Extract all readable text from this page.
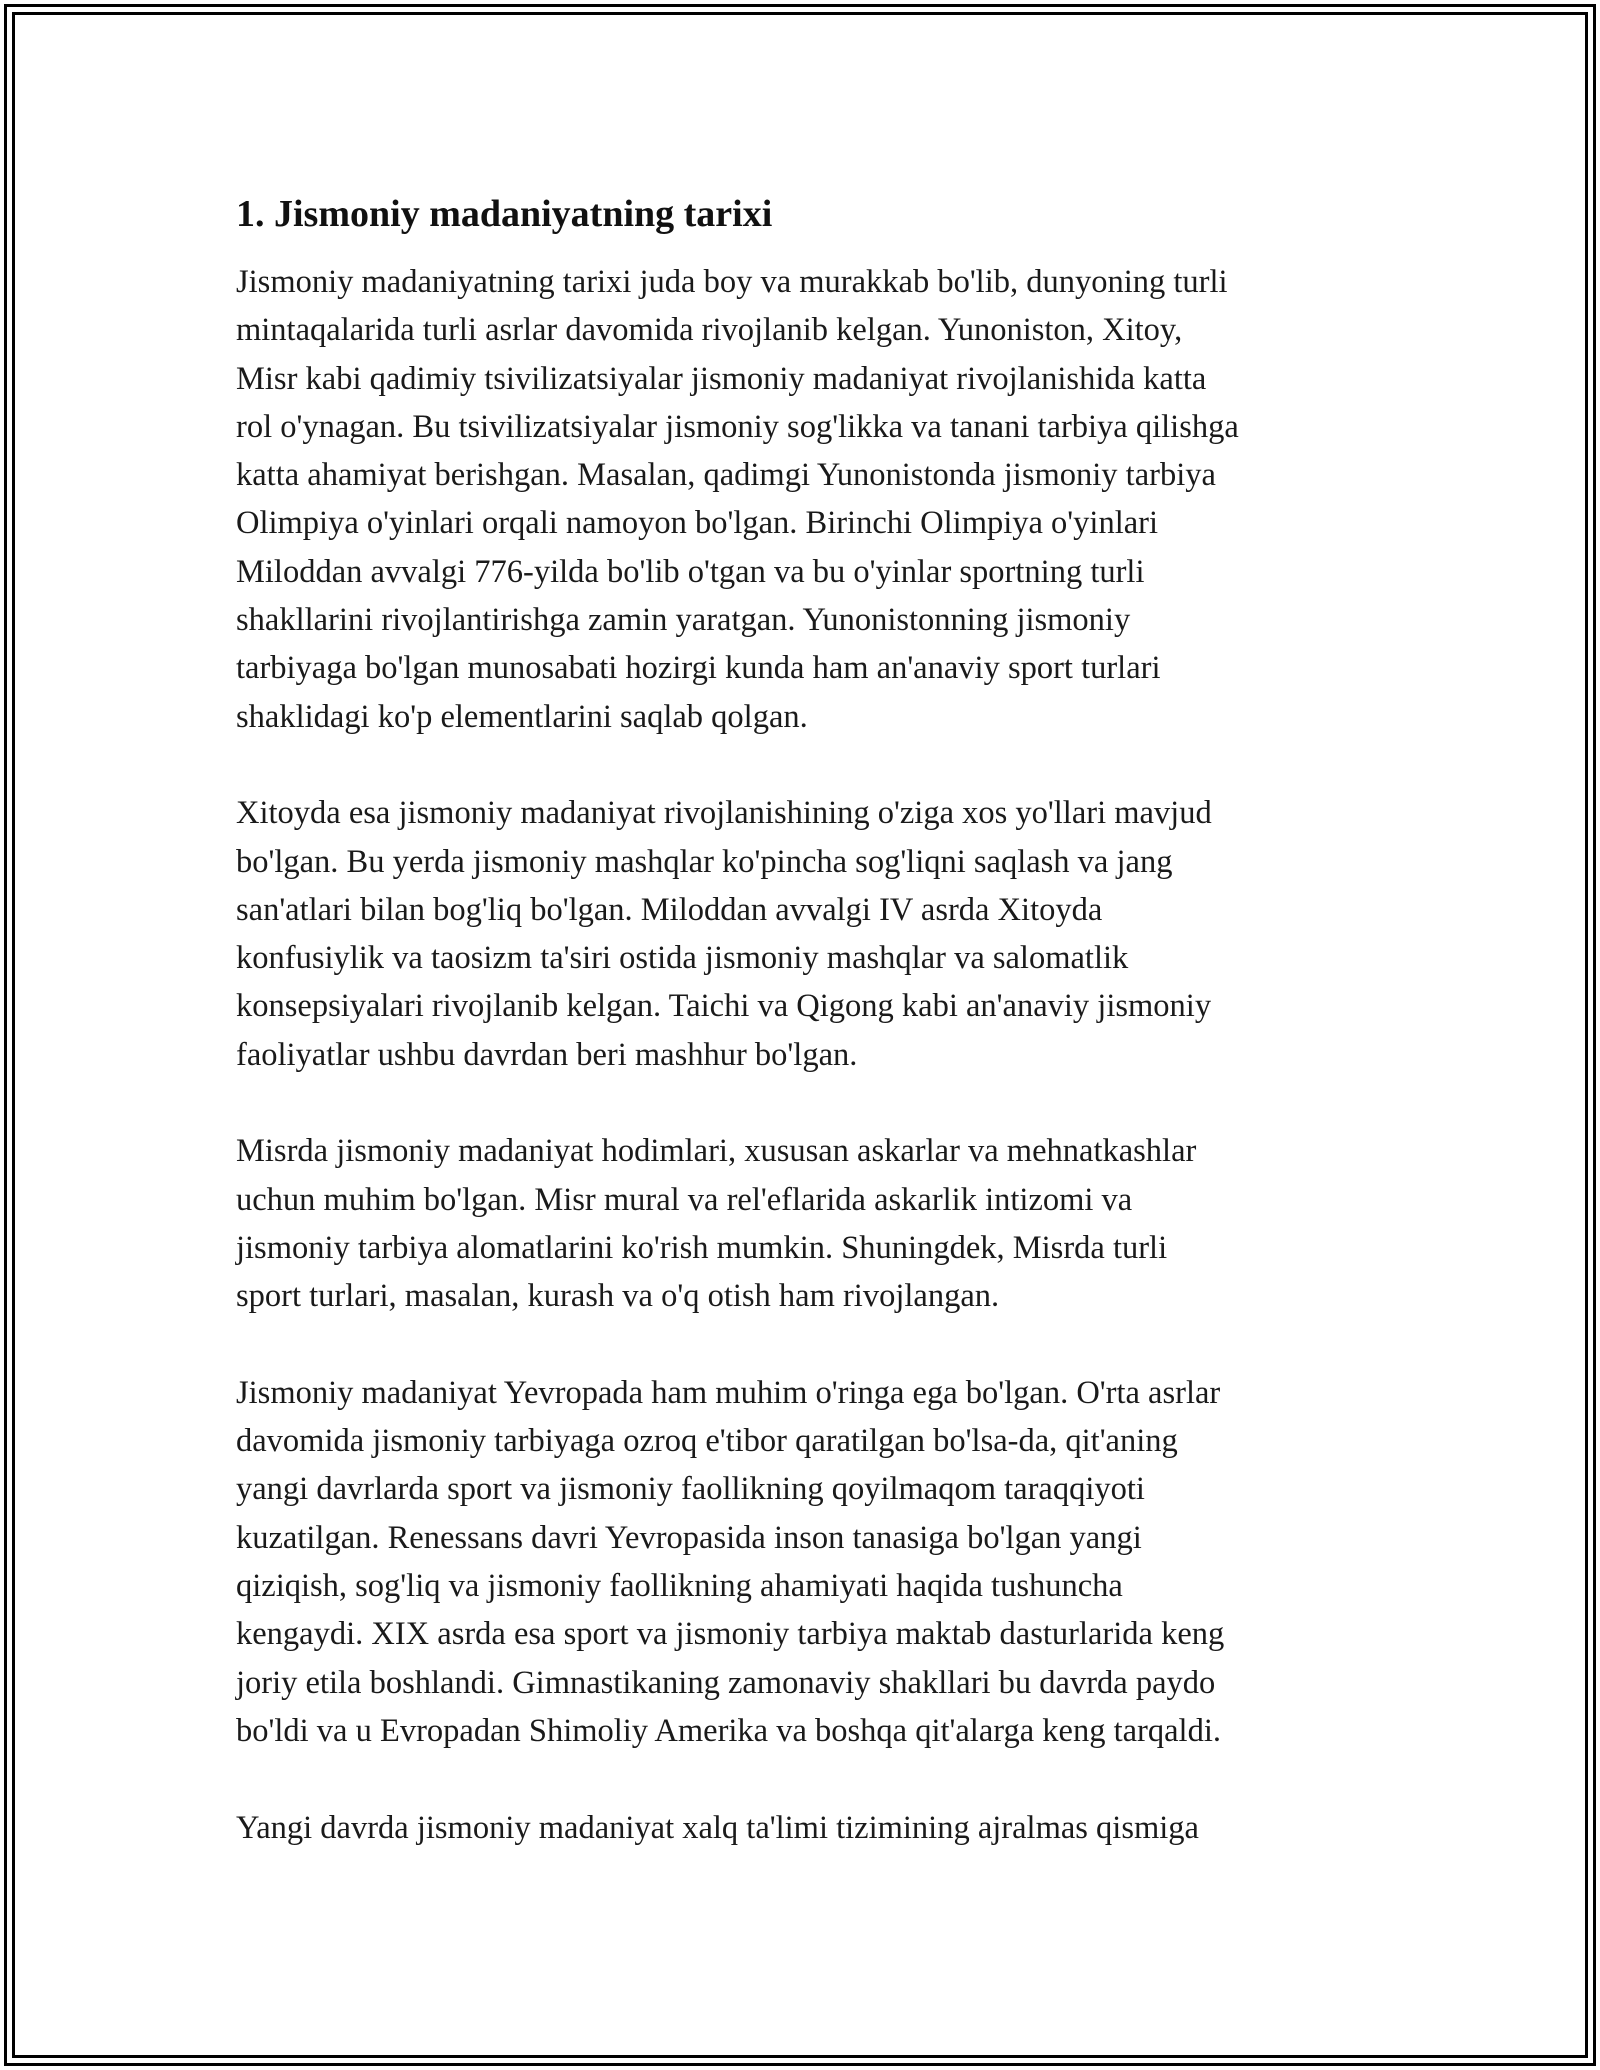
1. Jismoniy madaniyatning tarixi
Jismoniy madaniyatning tarixi juda boy va murakkab bo'lib, dunyoning turli
mintaqalarida turli asrlar davomida rivojlanib kelgan. Yunoniston, Xitoy,
Misr kabi qadimiy tsivilizatsiyalar jismoniy madaniyat rivojlanishida katta
rol o'ynagan. Bu tsivilizatsiyalar jismoniy sog'likka va tanani tarbiya qilishga
katta ahamiyat berishgan. Masalan, qadimgi Yunonistonda jismoniy tarbiya
Olimpiya o'yinlari orqali namoyon bo'lgan. Birinchi Olimpiya o'yinlari
Miloddan avvalgi 776-yilda bo'lib o'tgan va bu o'yinlar sportning turli
shakllarini rivojlantirishga zamin yaratgan. Yunonistonning jismoniy
tarbiyaga bo'lgan munosabati hozirgi kunda ham an'anaviy sport turlari
shaklidagi ko'p elementlarini saqlab qolgan.
Xitoyda esa jismoniy madaniyat rivojlanishining o'ziga xos yo'llari mavjud
bo'lgan. Bu yerda jismoniy mashqlar ko'pincha sog'liqni saqlash va jang
san'atlari bilan bog'liq bo'lgan. Miloddan avvalgi IV asrda Xitoyda
konfusiylik va taosizm ta'siri ostida jismoniy mashqlar va salomatlik
konsepsiyalari rivojlanib kelgan. Taichi va Qigong kabi an'anaviy jismoniy
faoliyatlar ushbu davrdan beri mashhur bo'lgan.
Misrda jismoniy madaniyat hodimlari, xususan askarlar va mehnatkashlar
uchun muhim bo'lgan. Misr mural va rel'eflarida askarlik intizomi va
jismoniy tarbiya alomatlarini ko'rish mumkin. Shuningdek, Misrda turli
sport turlari, masalan, kurash va o'q otish ham rivojlangan.
Jismoniy madaniyat Yevropada ham muhim o'ringa ega bo'lgan. O'rta asrlar
davomida jismoniy tarbiyaga ozroq e'tibor qaratilgan bo'lsa-da, qit'aning
yangi davrlarda sport va jismoniy faollikning qoyilmaqom taraqqiyoti
kuzatilgan. Renessans davri Yevropasida inson tanasiga bo'lgan yangi
qiziqish, sog'liq va jismoniy faollikning ahamiyati haqida tushuncha
kengaydi. XIX asrda esa sport va jismoniy tarbiya maktab dasturlarida keng
joriy etila boshlandi. Gimnastikaning zamonaviy shakllari bu davrda paydo
bo'ldi va u Evropadan Shimoliy Amerika va boshqa qit'alarga keng tarqaldi.
Yangi davrda jismoniy madaniyat xalq ta'limi tizimining ajralmas qismiga
